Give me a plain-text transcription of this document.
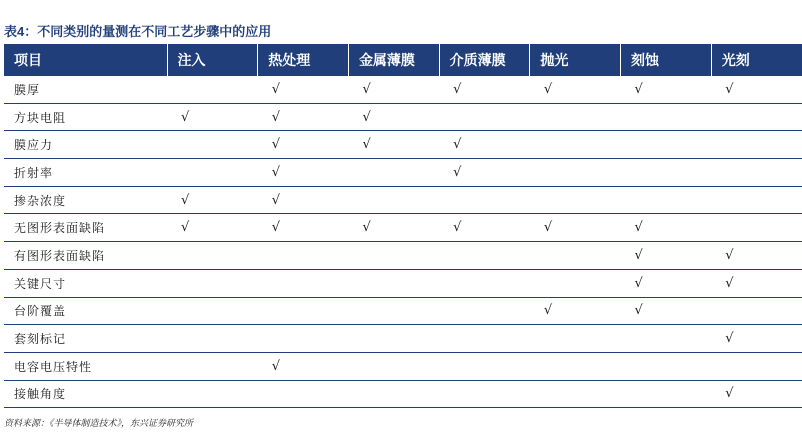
表4：不同类别的量测在不同工艺步骤中的应用
项目	注入	热处理	金属薄膜	介质薄膜	抛光	刻蚀	光刻
膜厚		√	√	√	√	√	√
方块电阻	√	√	√				
膜应力		√	√	√			
折射率		√		√			
掺杂浓度	√	√					
无图形表面缺陷	√	√	√	√	√	√	
有图形表面缺陷						√	√
关键尺寸						√	√
台阶覆盖					√	√	
套刻标记							√
电容电压特性		√					
接触角度							√
资料来源：《半导体制造技术》，东兴证券研究所
